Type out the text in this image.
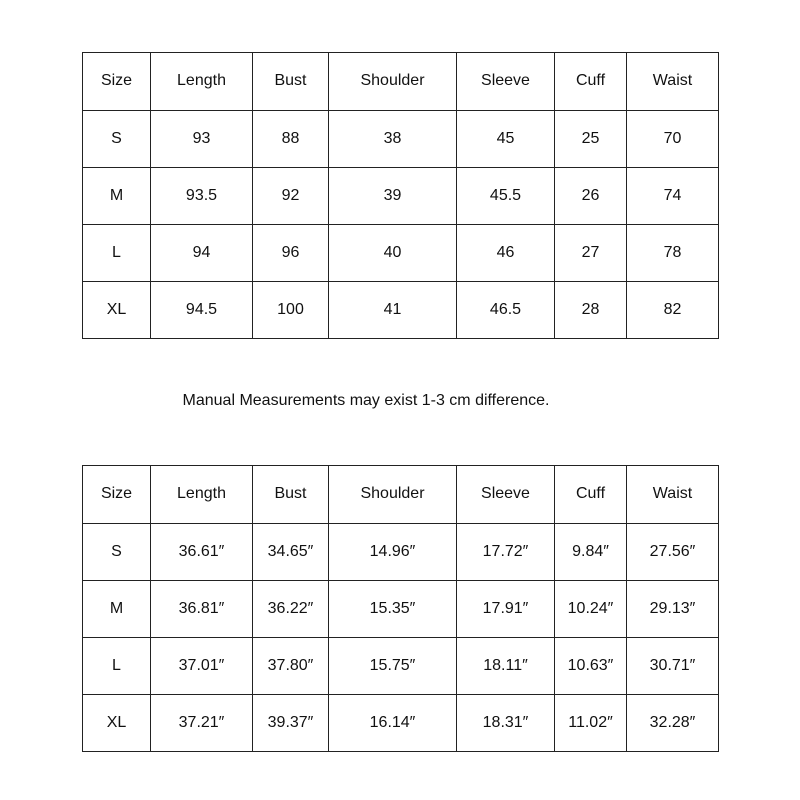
Size	Length	Bust	Shoulder	Sleeve	Cuff	Waist
S	93	88	38	45	25	70
M	93.5	92	39	45.5	26	74
L	94	96	40	46	27	78
XL	94.5	100	41	46.5	28	82
Manual Measurements may exist 1-3 cm difference.
Size	Length	Bust	Shoulder	Sleeve	Cuff	Waist
S	36.61″	34.65″	14.96″	17.72″	9.84″	27.56″
M	36.81″	36.22″	15.35″	17.91″	10.24″	29.13″
L	37.01″	37.80″	15.75″	18.11″	10.63″	30.71″
XL	37.21″	39.37″	16.14″	18.31″	11.02″	32.28″
